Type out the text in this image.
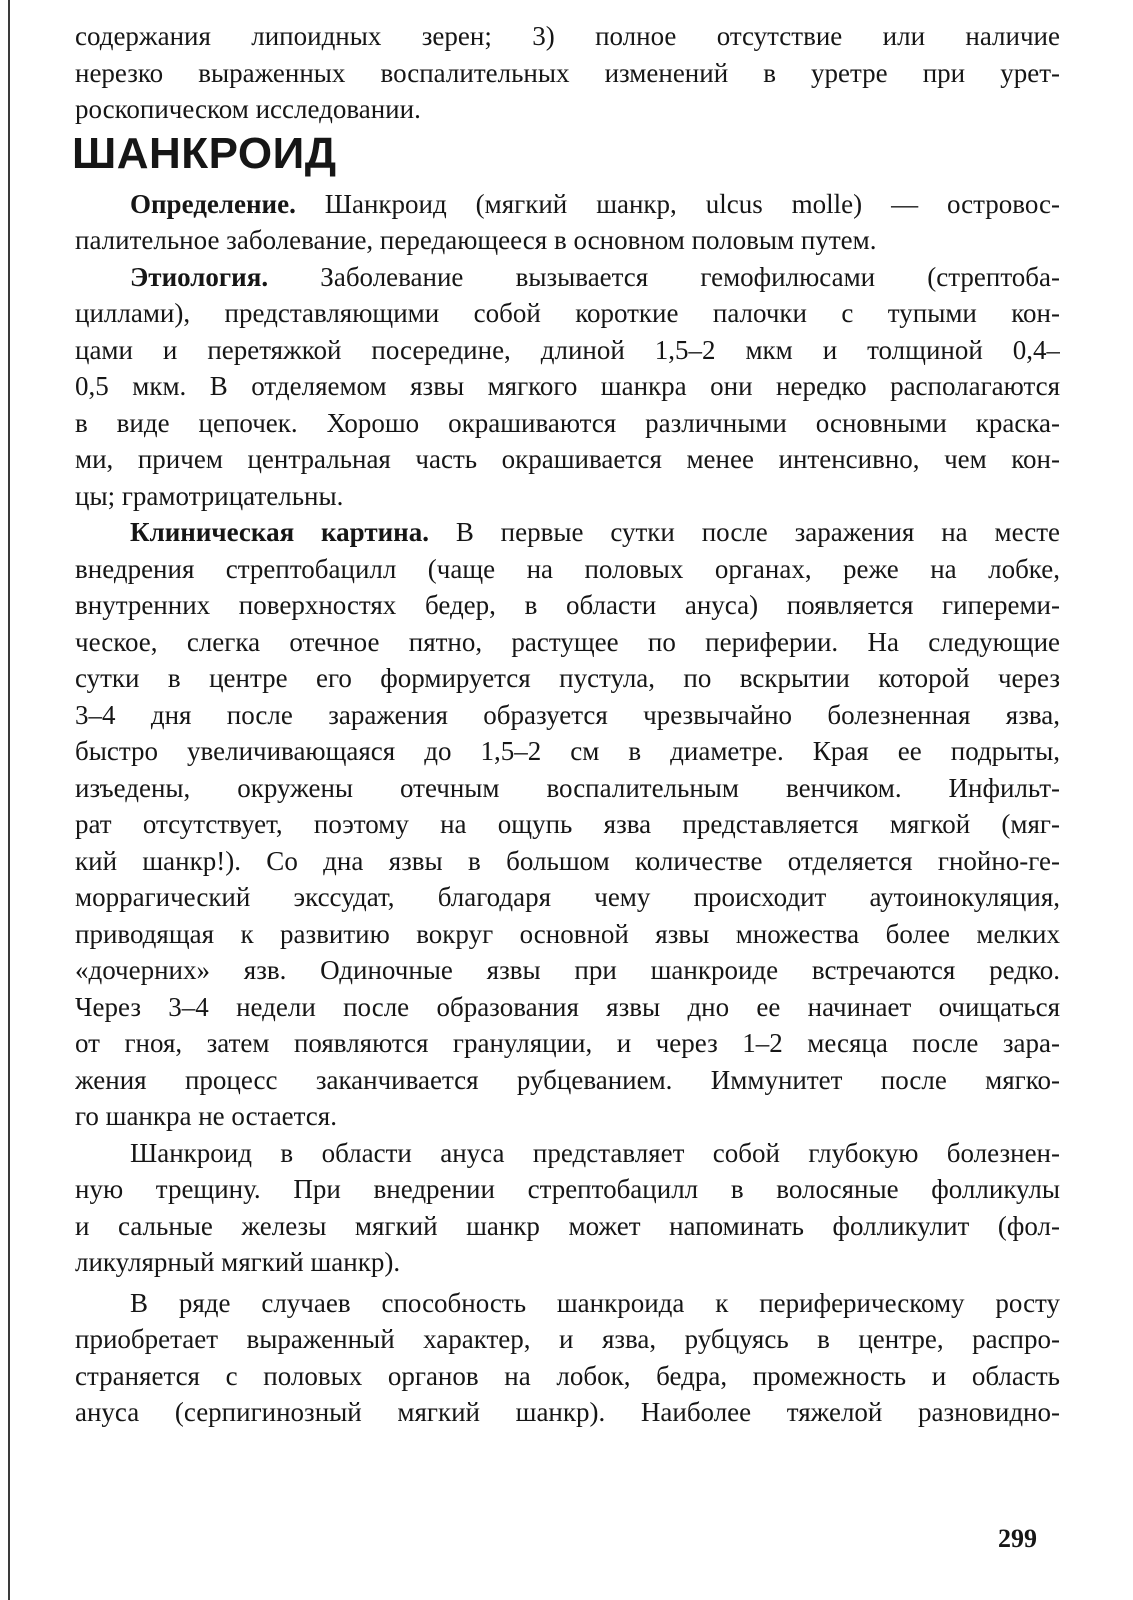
содержания липоидных зерен; 3) полное отсутствие или наличие
нерезко выраженных воспалительных изменений в уретре при урет-
роскопическом исследовании.
ШАНКРОИД
Определение. Шанкроид (мягкий шанкр, ulcus molle) — островос-
палительное заболевание, передающееся в основном половым путем.
Этиология. Заболевание вызывается гемофилюсами (стрептоба-
циллами), представляющими собой короткие палочки с тупыми кон-
цами и перетяжкой посередине, длиной 1,5–2 мкм и толщиной 0,4–
0,5 мкм. В отделяемом язвы мягкого шанкра они нередко располагаются
в виде цепочек. Хорошо окрашиваются различными основными краска-
ми, причем центральная часть окрашивается менее интенсивно, чем кон-
цы; грамотрицательны.
Клиническая картина. В первые сутки после заражения на месте
внедрения стрептобацилл (чаще на половых органах, реже на лобке,
внутренних поверхностях бедер, в области ануса) появляется гипереми-
ческое, слегка отечное пятно, растущее по периферии. На следующие
сутки в центре его формируется пустула, по вскрытии которой через
3–4 дня после заражения образуется чрезвычайно болезненная язва,
быстро увеличивающаяся до 1,5–2 см в диаметре. Края ее подрыты,
изъедены, окружены отечным воспалительным венчиком. Инфильт-
рат отсутствует, поэтому на ощупь язва представляется мягкой (мяг-
кий шанкр!). Со дна язвы в большом количестве отделяется гнойно-ге-
моррагический экссудат, благодаря чему происходит аутоинокуляция,
приводящая к развитию вокруг основной язвы множества более мелких
«дочерних» язв. Одиночные язвы при шанкроиде встречаются редко.
Через 3–4 недели после образования язвы дно ее начинает очищаться
от гноя, затем появляются грануляции, и через 1–2 месяца после зара-
жения процесс заканчивается рубцеванием. Иммунитет после мягко-
го шанкра не остается.
Шанкроид в области ануса представляет собой глубокую болезнен-
ную трещину. При внедрении стрептобацилл в волосяные фолликулы
и сальные железы мягкий шанкр может напоминать фолликулит (фол-
ликулярный мягкий шанкр).
В ряде случаев способность шанкроида к периферическому росту
приобретает выраженный характер, и язва, рубцуясь в центре, распро-
страняется с половых органов на лобок, бедра, промежность и область
ануса (серпигинозный мягкий шанкр). Наиболее тяжелой разновидно-
299
